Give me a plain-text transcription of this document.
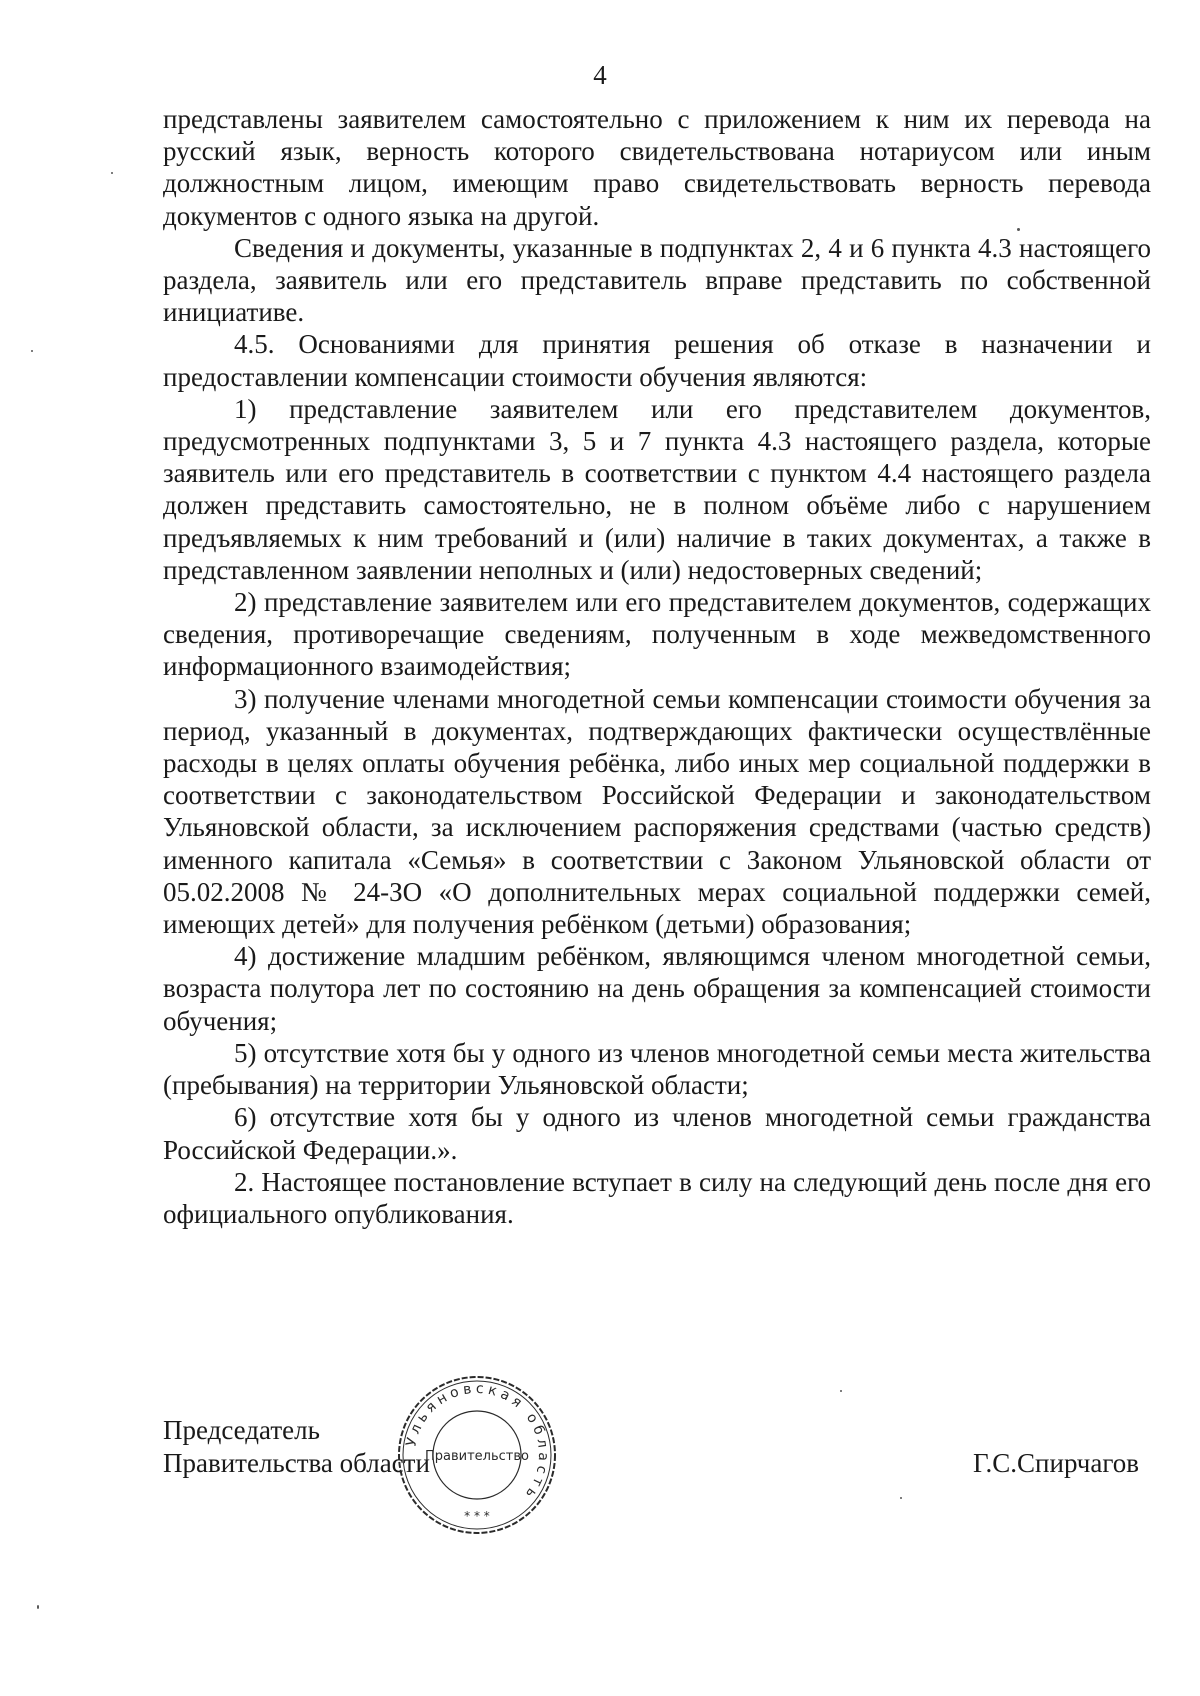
4

представлены заявителем самостоятельно с приложением к ним их перевода на русский язык, верность которого свидетельствована нотариусом или иным должностным лицом, имеющим право свидетельствовать верность перевода документов с одного языка на другой.

Сведения и документы, указанные в подпунктах 2, 4 и 6 пункта 4.3 настоящего раздела, заявитель или его представитель вправе представить по собственной инициативе.

4.5. Основаниями для принятия решения об отказе в назначении и предоставлении компенсации стоимости обучения являются:

1) представление заявителем или его представителем документов, предусмотренных подпунктами 3, 5 и 7 пункта 4.3 настоящего раздела, которые заявитель или его представитель в соответствии с пунктом 4.4 настоящего раздела должен представить самостоятельно, не в полном объёме либо с нарушением предъявляемых к ним требований и (или) наличие в таких документах, а также в представленном заявлении неполных и (или) недостоверных сведений;

2) представление заявителем или его представителем документов, содержащих сведения, противоречащие сведениям, полученным в ходе межведомственного информационного взаимодействия;

3) получение членами многодетной семьи компенсации стоимости обучения за период, указанный в документах, подтверждающих фактически осуществлённые расходы в целях оплаты обучения ребёнка, либо иных мер социальной поддержки в соответствии с законодательством Российской Федерации и законодательством Ульяновской области, за исключением распоряжения средствами (частью средств) именного капитала «Семья» в соответствии с Законом Ульяновской области от 05.02.2008 № 24-ЗО «О дополнительных мерах социальной поддержки семей, имеющих детей» для получения ребёнком (детьми) образования;

4) достижение младшим ребёнком, являющимся членом многодетной семьи, возраста полутора лет по состоянию на день обращения за компенсацией стоимости обучения;

5) отсутствие хотя бы у одного из членов многодетной семьи места жительства (пребывания) на территории Ульяновской области;

6) отсутствие хотя бы у одного из членов многодетной семьи гражданства Российской Федерации.».

2. Настоящее постановление вступает в силу на следующий день после дня его официального опубликования.

Председатель
Правительства области	Г.С.Спирчагов
Ульяновская область
Правительство
* * *
